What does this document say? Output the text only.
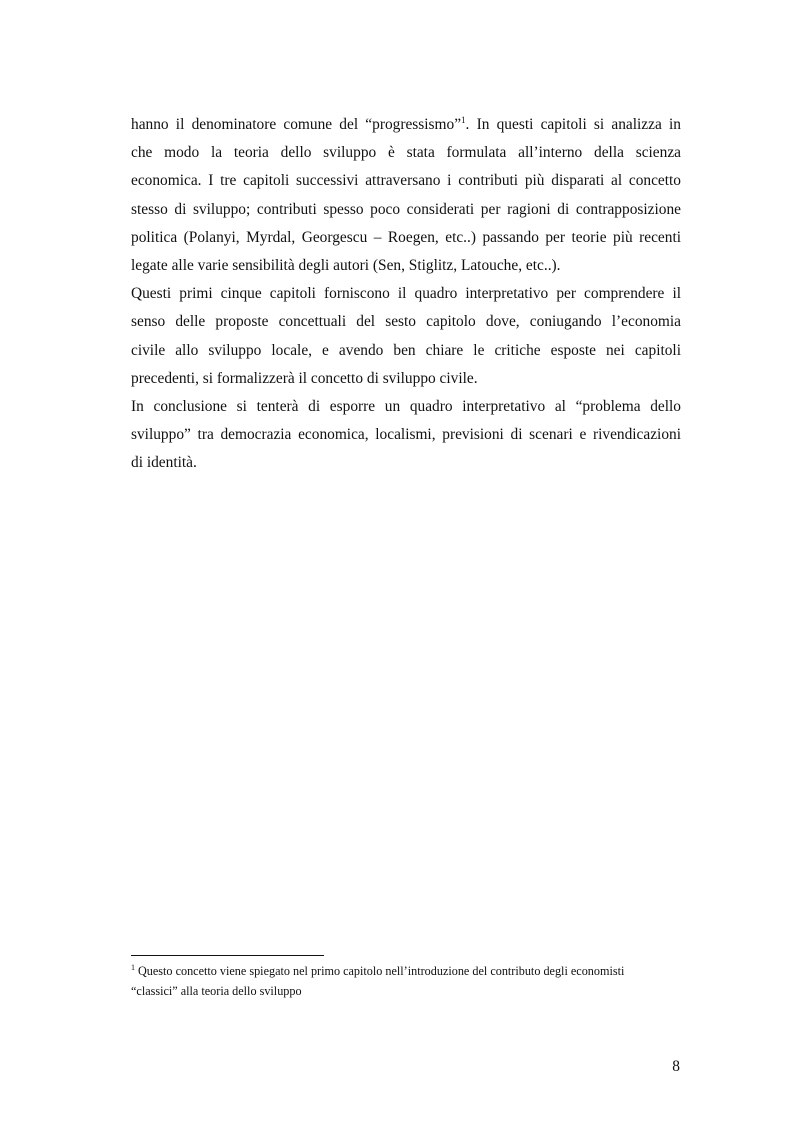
hanno il denominatore comune del “progressismo”$^1$. In questi capitoli si analizza in
che modo la teoria dello sviluppo è stata formulata all’interno della scienza
economica. I tre capitoli successivi attraversano i contributi più disparati al concetto
stesso di sviluppo; contributi spesso poco considerati per ragioni di contrapposizione
politica (Polanyi, Myrdal, Georgescu – Roegen, etc..) passando per teorie più recenti
legate alle varie sensibilità degli autori (Sen, Stiglitz, Latouche, etc..).
Questi primi cinque capitoli forniscono il quadro interpretativo per comprendere il
senso delle proposte concettuali del sesto capitolo dove, coniugando l’economia
civile allo sviluppo locale, e avendo ben chiare le critiche esposte nei capitoli
precedenti, si formalizzerà il concetto di sviluppo civile.
In conclusione si tenterà di esporre un quadro interpretativo al “problema dello
sviluppo” tra democrazia economica, localismi, previsioni di scenari e rivendicazioni
di identità.
$^1$ Questo concetto viene spiegato nel primo capitolo nell’introduzione del contributo degli economisti
“classici” alla teoria dello sviluppo
8
